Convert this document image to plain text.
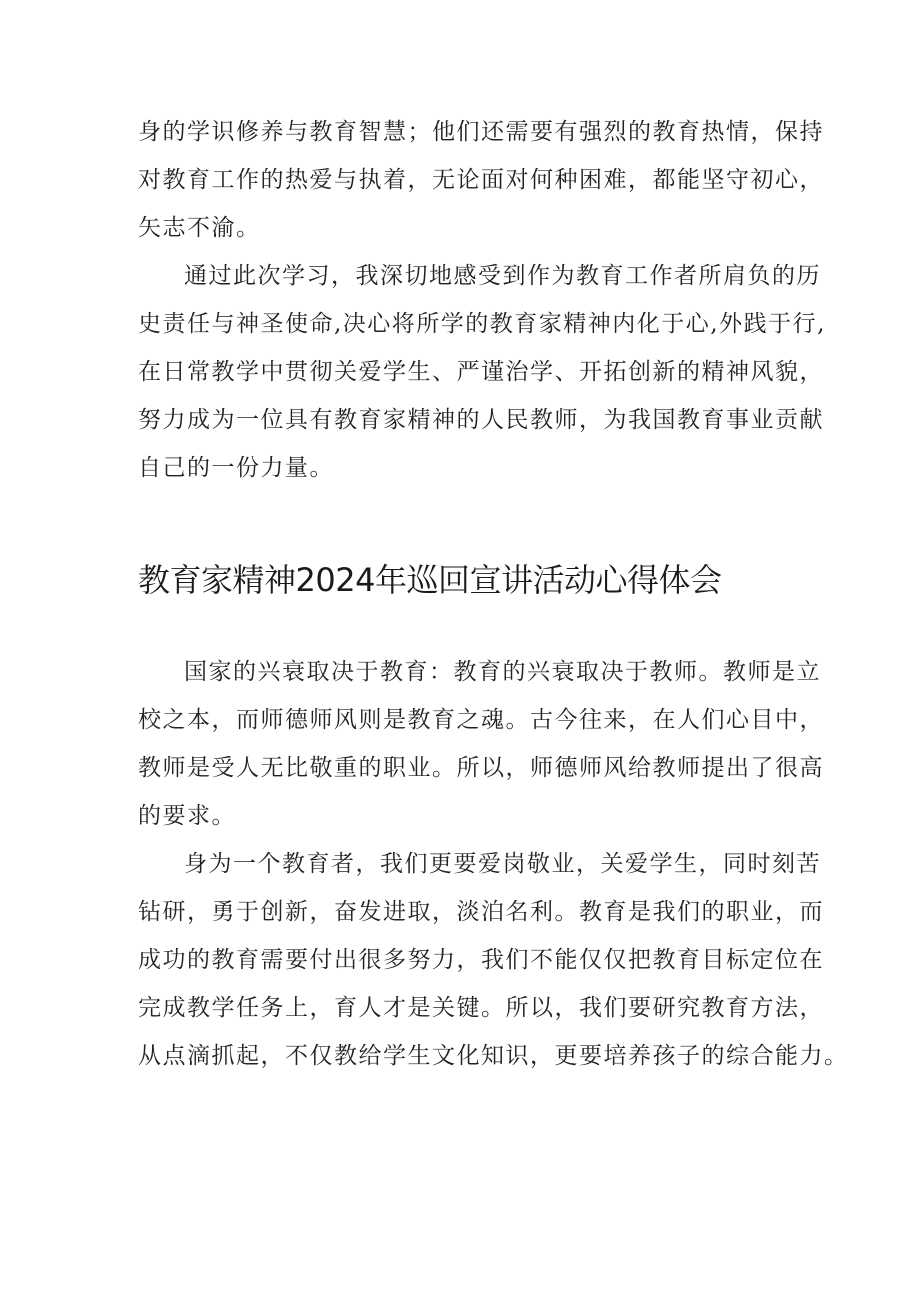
身的学识修养与教育智慧；他们还需要有强烈的教育热情，保持
对教育工作的热爱与执着，无论面对何种困难，都能坚守初心，
矢志不渝。
通过此次学习，我深切地感受到作为教育工作者所肩负的历
史责任与神圣使命,决心将所学的教育家精神内化于心,外践于行,
在日常教学中贯彻关爱学生、严谨治学、开拓创新的精神风貌，
努力成为一位具有教育家精神的人民教师，为我国教育事业贡献
自己的一份力量。
教育家精神2024年巡回宣讲活动心得体会
国家的兴衰取决于教育：教育的兴衰取决于教师。教师是立
校之本，而师德师风则是教育之魂。古今往来，在人们心目中，
教师是受人无比敬重的职业。所以，师德师风给教师提出了很高
的要求。
身为一个教育者，我们更要爱岗敬业，关爱学生，同时刻苦
钻研，勇于创新，奋发进取，淡泊名利。教育是我们的职业，而
成功的教育需要付出很多努力，我们不能仅仅把教育目标定位在
完成教学任务上，育人才是关键。所以，我们要研究教育方法，
从点滴抓起，不仅教给学生文化知识，更要培养孩子的综合能力。
